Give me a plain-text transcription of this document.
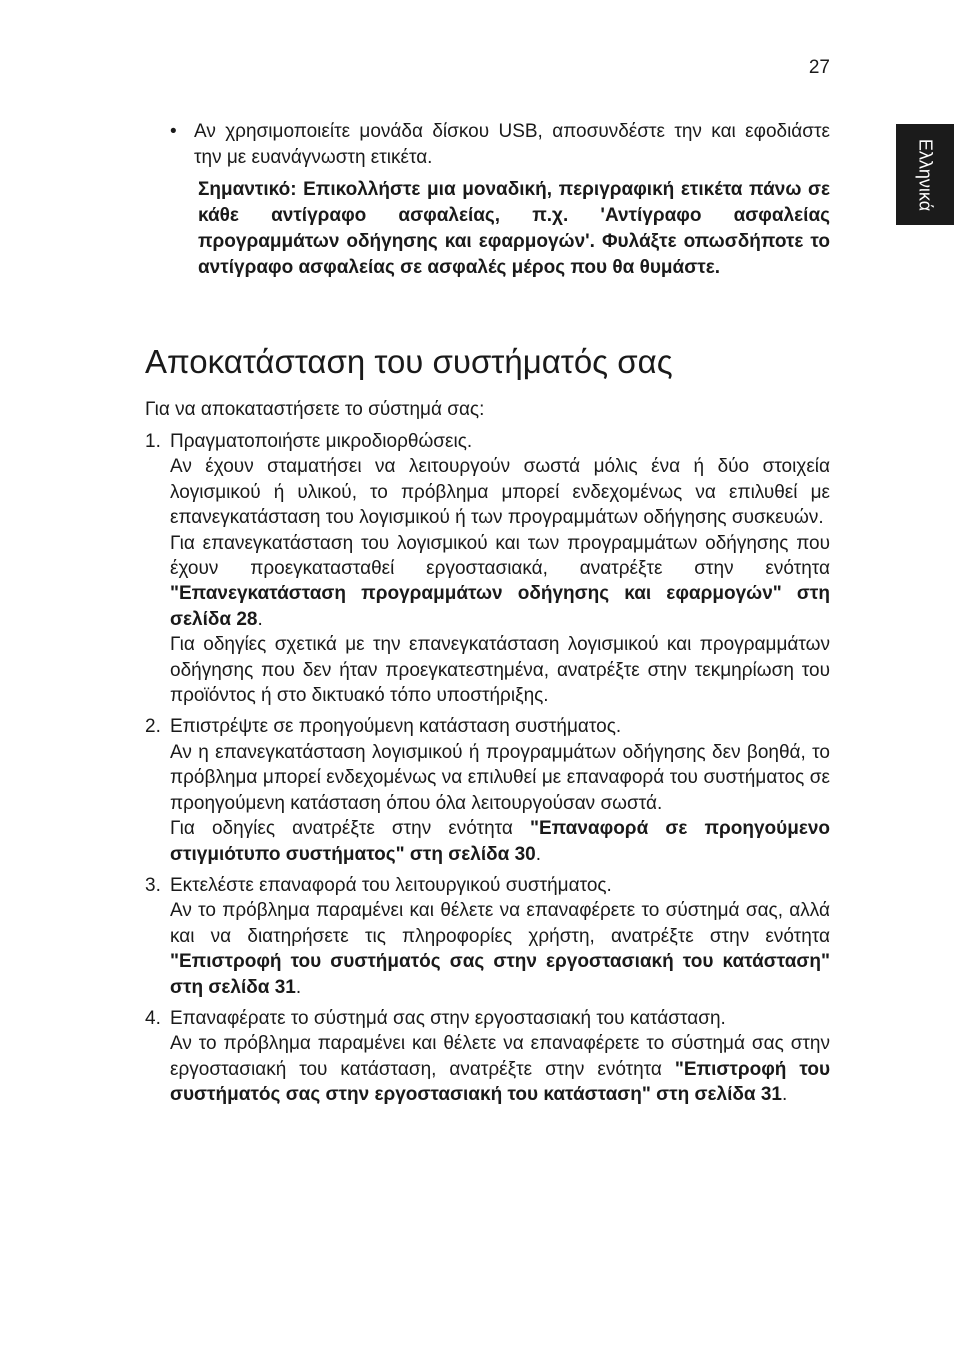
27
Ελληνικά
• Αν χρησιμοποιείτε μονάδα δίσκου USB, αποσυνδέστε την και εφοδιάστε την με ευανάγνωστη ετικέτα.
Σημαντικό: Επικολλήστε μια μοναδική, περιγραφική ετικέτα πάνω σε κάθε αντίγραφο ασφαλείας, π.χ. 'Αντίγραφο ασφαλείας προγραμμάτων οδήγησης και εφαρμογών'. Φυλάξτε οπωσδήποτε το αντίγραφο ασφαλείας σε ασφαλές μέρος που θα θυμάστε.
Αποκατάσταση του συστήματός σας
Για να αποκαταστήσετε το σύστημά σας:
1. Πραγματοποιήστε μικροδιορθώσεις.

Αν έχουν σταματήσει να λειτουργούν σωστά μόλις ένα ή δύο στοιχεία λογισμικού ή υλικού, το πρόβλημα μπορεί ενδεχομένως να επιλυθεί με επανεγκατάσταση του λογισμικού ή των προγραμμάτων οδήγησης συσκευών.

Για επανεγκατάσταση του λογισμικού και των προγραμμάτων οδήγησης που έχουν προεγκατασταθεί εργοστασιακά, ανατρέξτε στην ενότητα "Επανεγκατάσταση προγραμμάτων οδήγησης και εφαρμογών" στη σελίδα 28.

Για οδηγίες σχετικά με την επανεγκατάσταση λογισμικού και προγραμμάτων οδήγησης που δεν ήταν προεγκατεστημένα, ανατρέξτε στην τεκμηρίωση του προϊόντος ή στο δικτυακό τόπο υποστήριξης.

2. Επιστρέψτε σε προηγούμενη κατάσταση συστήματος.

Αν η επανεγκατάσταση λογισμικού ή προγραμμάτων οδήγησης δεν βοηθά, το πρόβλημα μπορεί ενδεχομένως να επιλυθεί με επαναφορά του συστήματος σε προηγούμενη κατάσταση όπου όλα λειτουργούσαν σωστά.

Για οδηγίες ανατρέξτε στην ενότητα "Επαναφορά σε προηγούμενο στιγμιότυπο συστήματος" στη σελίδα 30.

3. Εκτελέστε επαναφορά του λειτουργικού συστήματος.

Αν το πρόβλημα παραμένει και θέλετε να επαναφέρετε το σύστημά σας, αλλά και να διατηρήσετε τις πληροφορίες χρήστη, ανατρέξτε στην ενότητα "Επιστροφή του συστήματός σας στην εργοστασιακή του κατάσταση" στη σελίδα 31.

4. Επαναφέρατε το σύστημά σας στην εργοστασιακή του κατάσταση.

Αν το πρόβλημα παραμένει και θέλετε να επαναφέρετε το σύστημά σας στην εργοστασιακή του κατάσταση, ανατρέξτε στην ενότητα "Επιστροφή του συστήματός σας στην εργοστασιακή του κατάσταση" στη σελίδα 31.
